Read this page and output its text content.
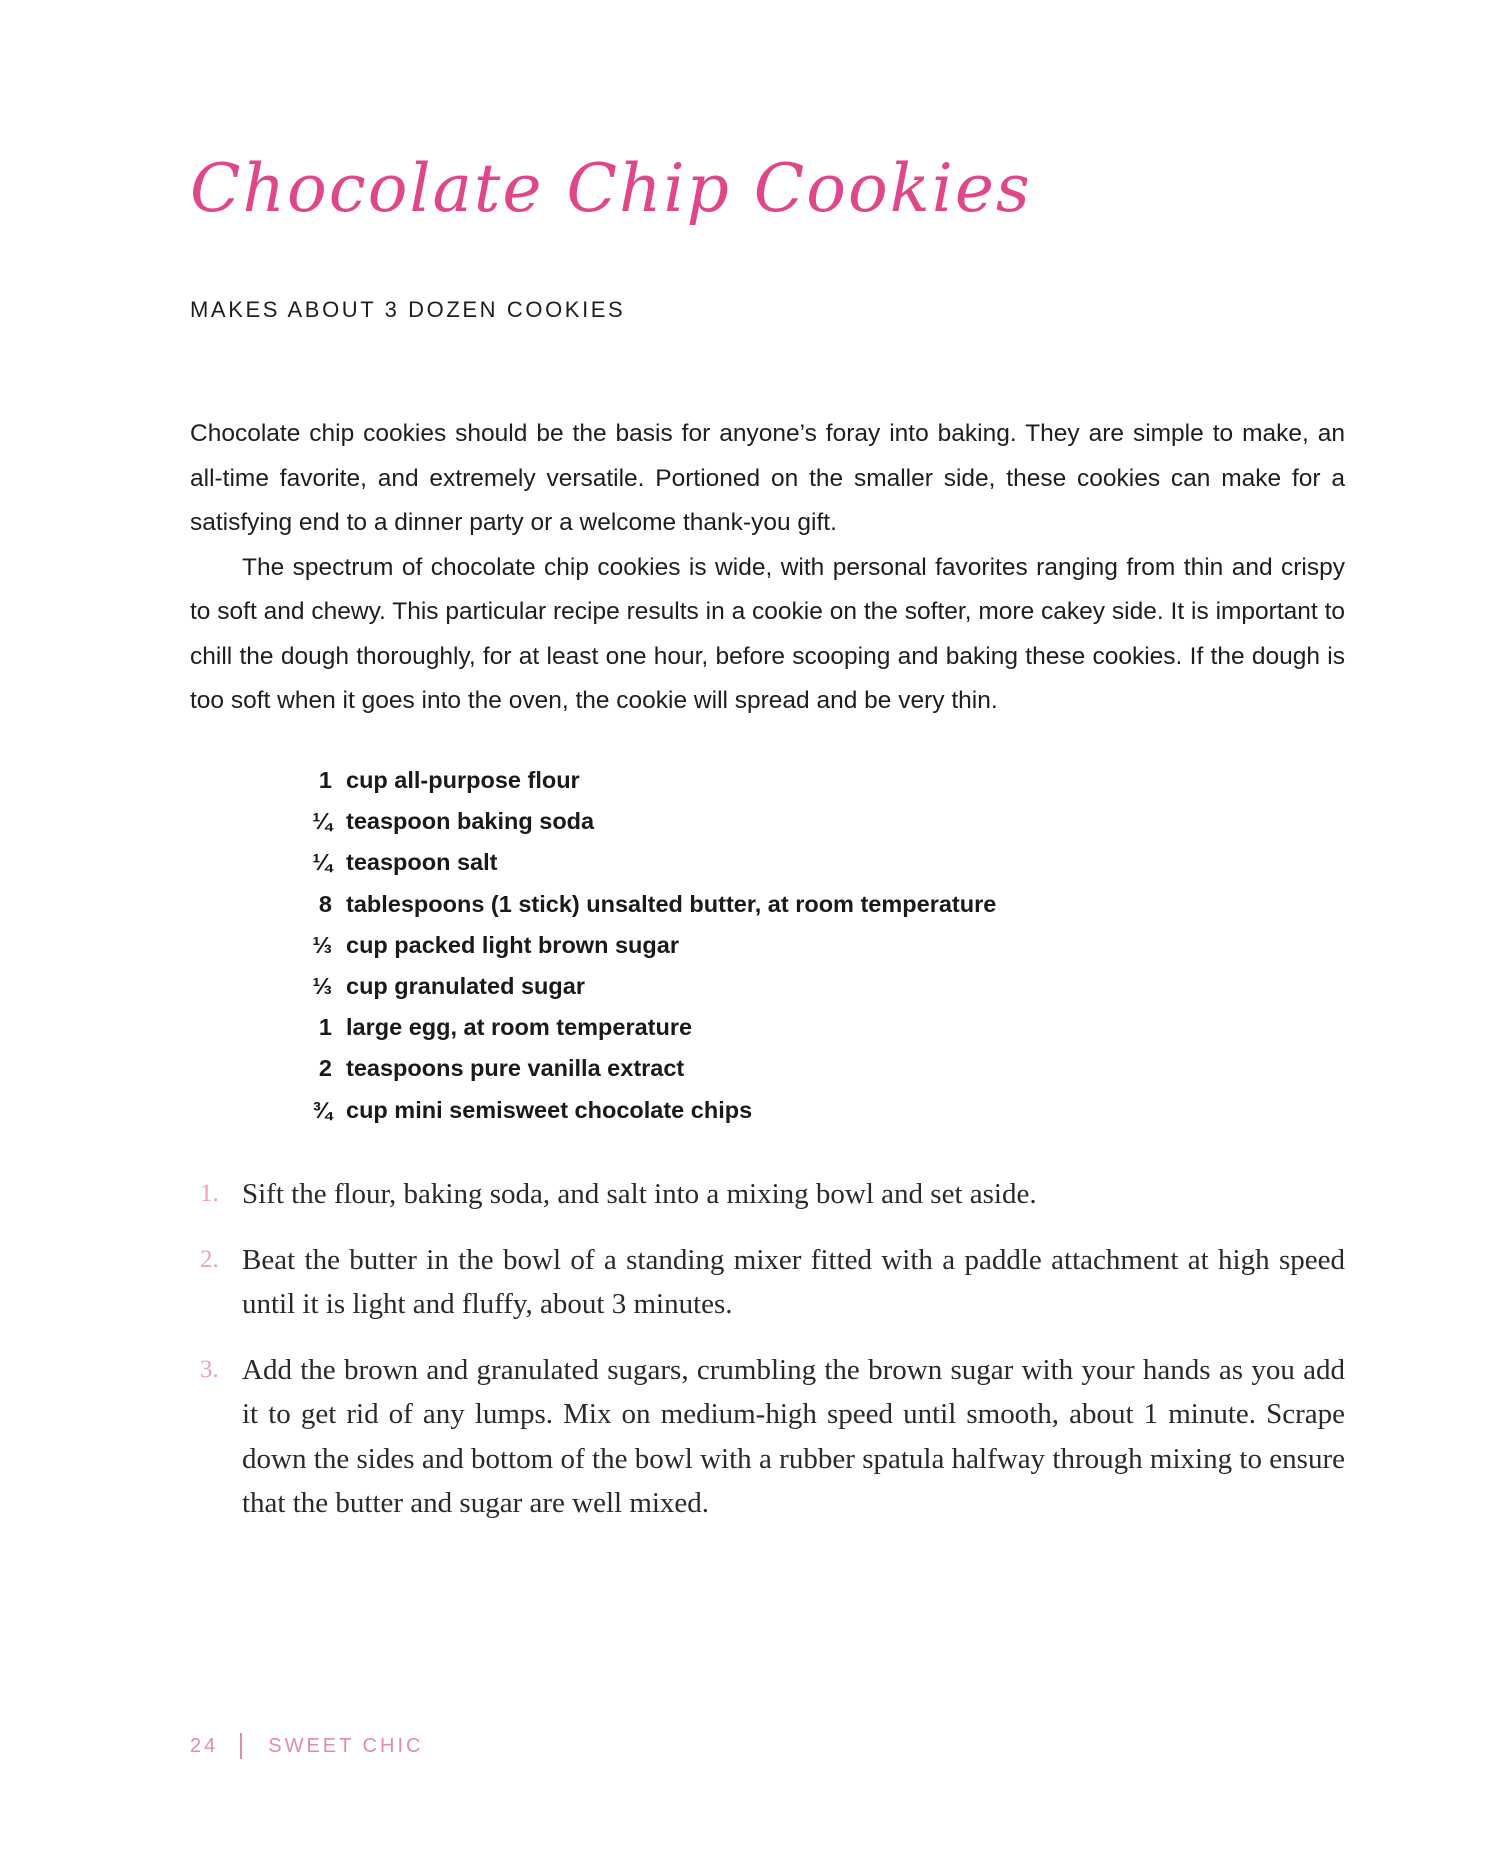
Chocolate Chip Cookies
MAKES ABOUT 3 DOZEN COOKIES

Chocolate chip cookies should be the basis for anyone’s foray into baking. They are simple to make, an all-time favorite, and extremely versatile. Portioned on the smaller side, these cookies can make for a satisfying end to a dinner party or a welcome thank-you gift.

The spectrum of chocolate chip cookies is wide, with personal favorites ranging from thin and crispy to soft and chewy. This particular recipe results in a cookie on the softer, more cakey side. It is important to chill the dough thoroughly, for at least one hour, before scooping and baking these cookies. If the dough is too soft when it goes into the oven, the cookie will spread and be very thin.

1 cup all-purpose flour
¼ teaspoon baking soda
¼ teaspoon salt
8 tablespoons (1 stick) unsalted butter, at room temperature
⅓ cup packed light brown sugar
⅓ cup granulated sugar
1 large egg, at room temperature
2 teaspoons pure vanilla extract
¾ cup mini semisweet chocolate chips
1. Sift the flour, baking soda, and salt into a mixing bowl and set aside.
2. Beat the butter in the bowl of a standing mixer fitted with a paddle attachment at high speed until it is light and fluffy, about 3 minutes.
3. Add the brown and granulated sugars, crumbling the brown sugar with your hands as you add it to get rid of any lumps. Mix on medium-high speed until smooth, about 1 minute. Scrape down the sides and bottom of the bowl with a rubber spatula halfway through mixing to ensure that the butter and sugar are well mixed.
24	SWEET CHIC
